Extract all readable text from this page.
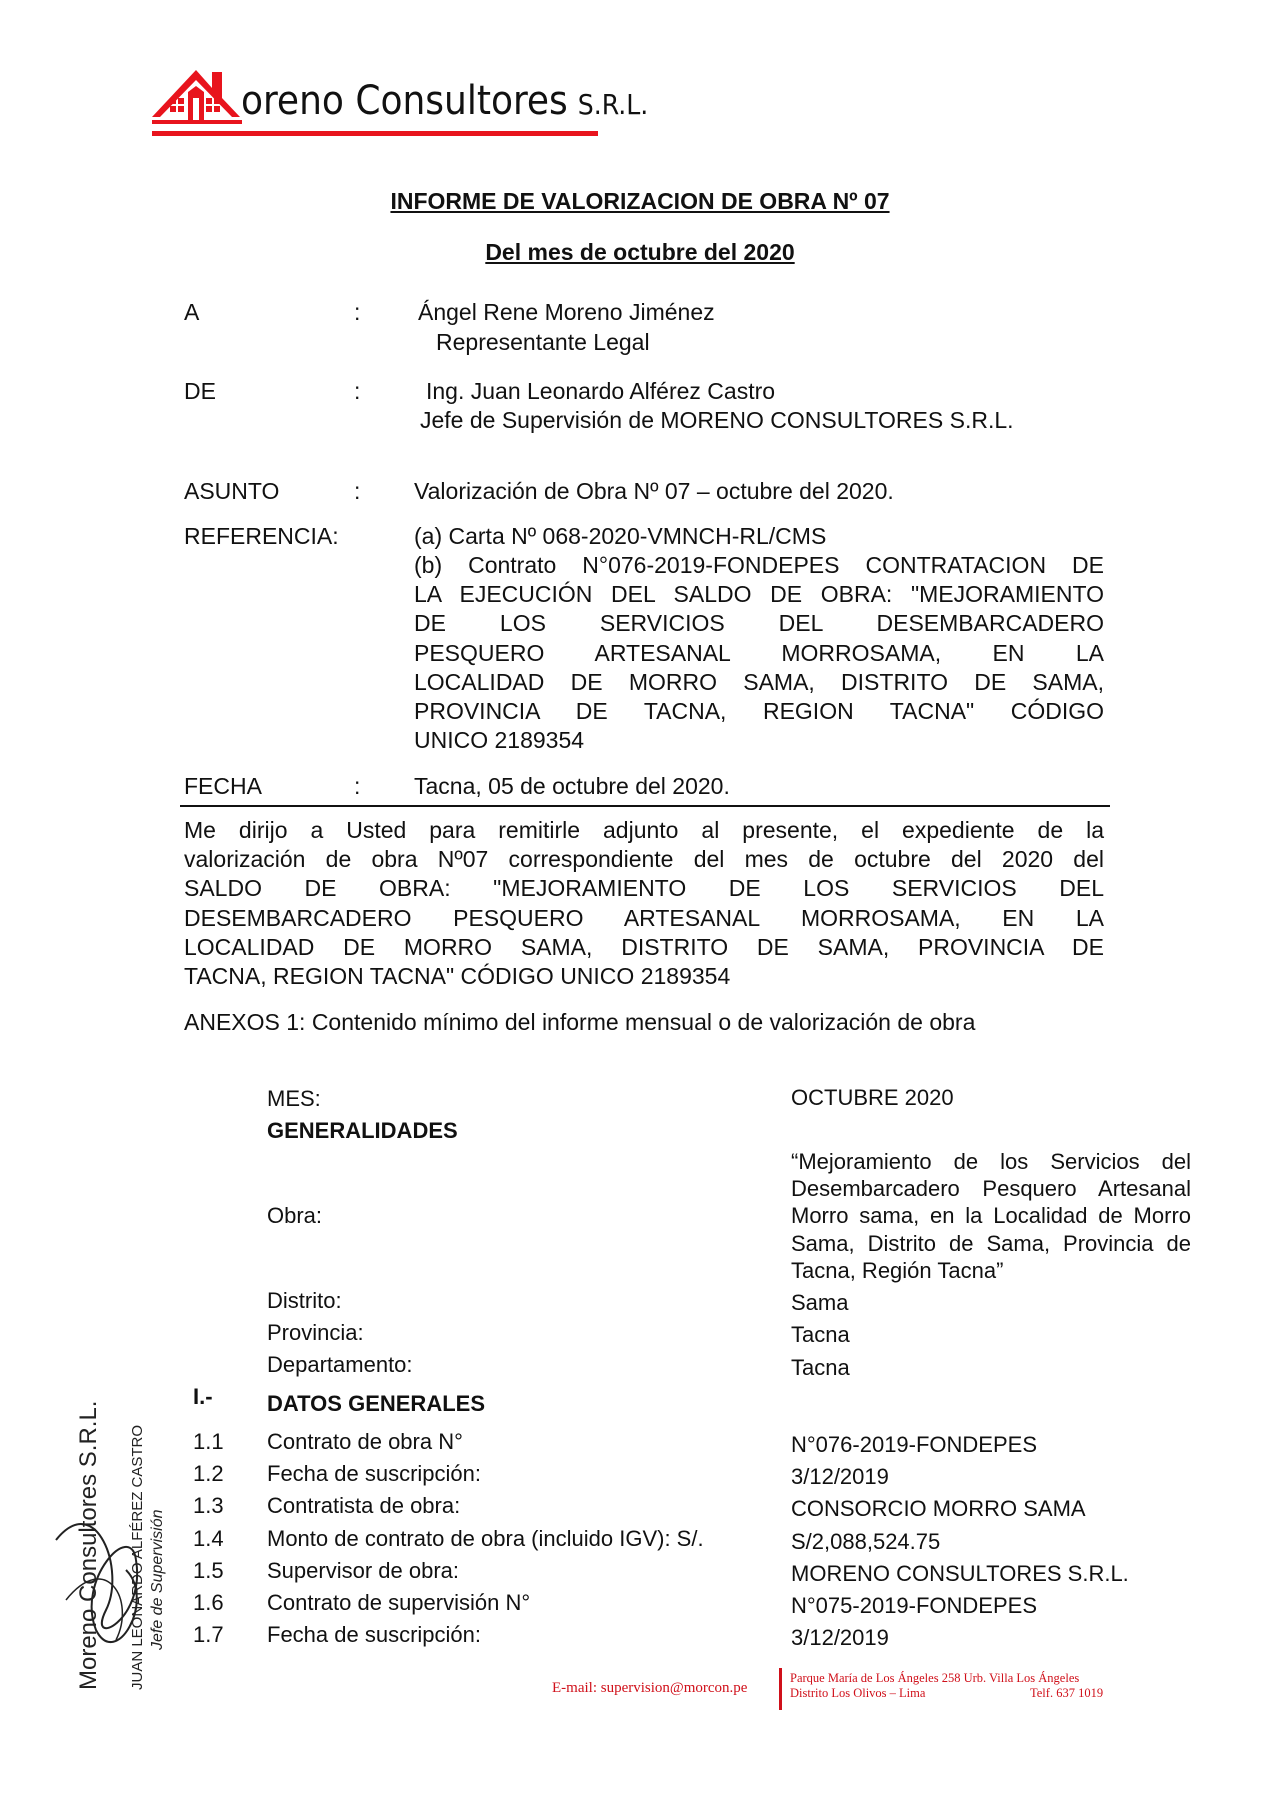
oreno Consultores S.R.L.
INFORME DE VALORIZACION DE OBRA Nº 07
Del mes de octubre del 2020
A	:	Ángel Rene Moreno Jiménez
Representante Legal
DE	:	Ing. Juan Leonardo Alférez Castro
Jefe de Supervisión de MORENO CONSULTORES S.R.L.
ASUNTO	: Valorización de Obra Nº 07 – octubre del 2020.
REFERENCIA:	(a) Carta Nº 068-2020-VMNCH-RL/CMS
(b) Contrato N°076-2019-FONDEPES CONTRATACION DE
LA EJECUCIÓN DEL SALDO DE OBRA: "MEJORAMIENTO
DE LOS SERVICIOS DEL DESEMBARCADERO
PESQUERO ARTESANAL MORROSAMA, EN LA
LOCALIDAD DE MORRO SAMA, DISTRITO DE SAMA,
PROVINCIA DE TACNA, REGION TACNA" CÓDIGO
UNICO 2189354
FECHA	: Tacna, 05 de octubre del 2020.
Me dirijo a Usted para remitirle adjunto al presente, el expediente de la
valorización de obra Nº07 correspondiente del mes de octubre del 2020 del
SALDO DE OBRA: "MEJORAMIENTO DE LOS SERVICIOS DEL
DESEMBARCADERO PESQUERO ARTESANAL MORROSAMA, EN LA
LOCALIDAD DE MORRO SAMA, DISTRITO DE SAMA, PROVINCIA DE
TACNA, REGION TACNA" CÓDIGO UNICO 2189354
ANEXOS 1: Contenido mínimo del informe mensual o de valorización de obra
MES:	OCTUBRE 2020
GENERALIDADES
Obra:
“Mejoramiento de los Servicios del
Desembarcadero Pesquero Artesanal
Morro sama, en la Localidad de Morro
Sama, Distrito de Sama, Provincia de
Tacna, Región Tacna”
Distrito:	Sama
Provincia:	Tacna
Departamento:	Tacna
I.- DATOS GENERALES
1.1 Contrato de obra N°	N°076-2019-FONDEPES
1.2 Fecha de suscripción:	3/12/2019
1.3 Contratista de obra:	CONSORCIO MORRO SAMA
1.4 Monto de contrato de obra (incluido IGV): S/.	S/2,088,524.75
1.5 Supervisor de obra:	MORENO CONSULTORES S.R.L.
1.6 Contrato de supervisión N°	N°075-2019-FONDEPES
1.7 Fecha de suscripción:	3/12/2019
Moreno Consultores S.R.L. JUAN LEONARDO ALFÉREZ CASTRO Jefe de Supervisión
E-mail: supervision@morcon.pe
Parque María de Los Ángeles 258 Urb. Villa Los Ángeles
Distrito Los Olivos – Lima	Telf. 637 1019
